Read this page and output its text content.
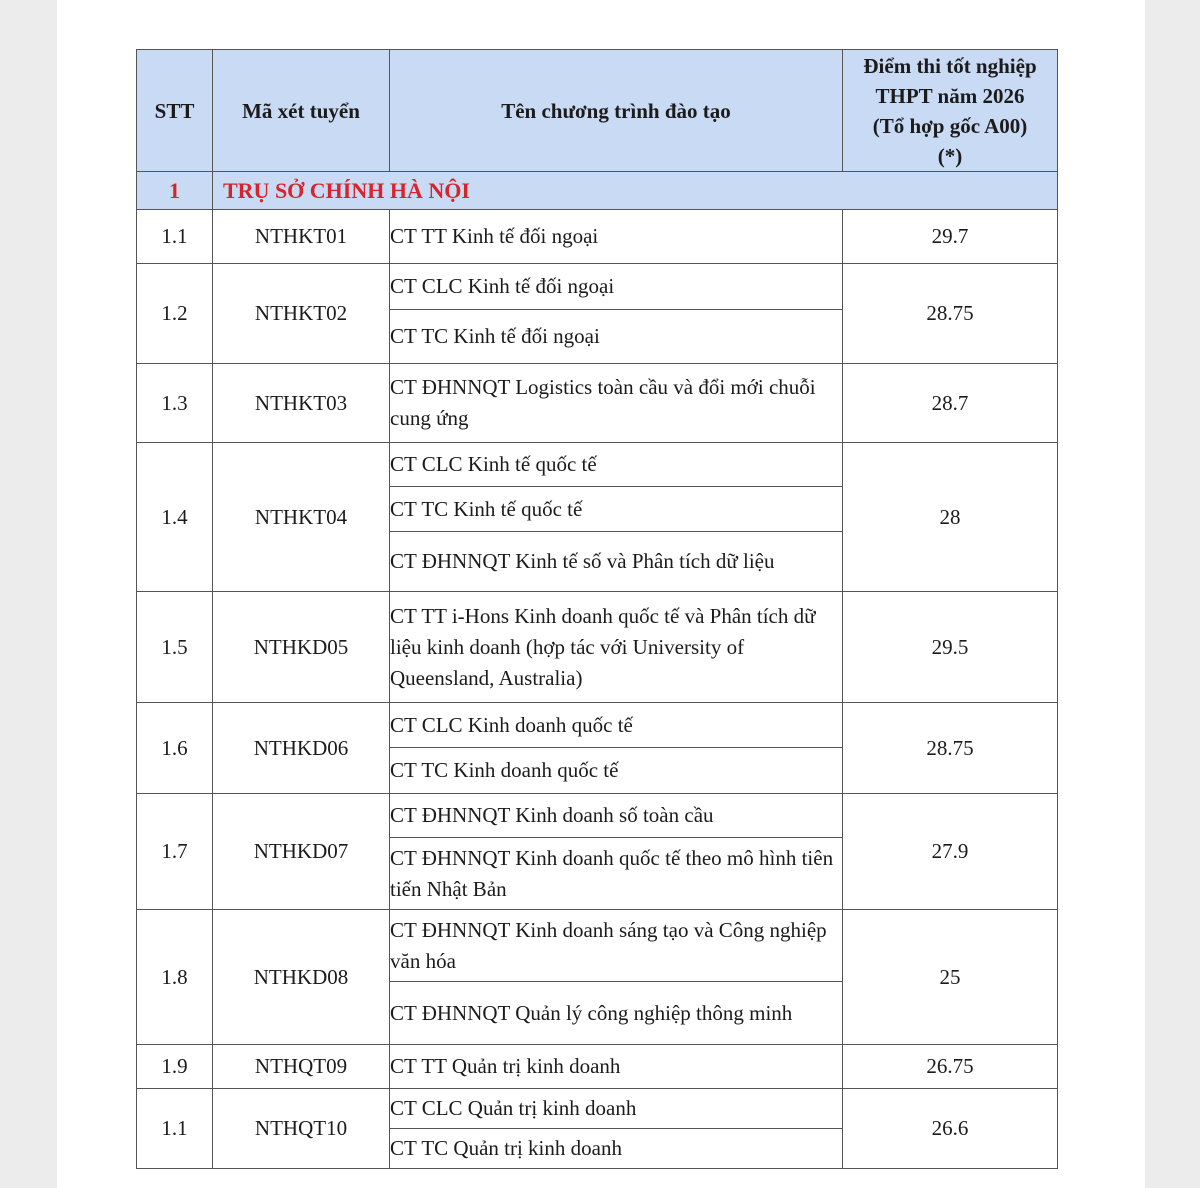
STT	Mã xét tuyển	Tên chương trình đào tạo	Điểm thi tốt nghiệp
THPT năm 2026
(Tổ hợp gốc A00)
(*)
1	TRỤ SỞ CHÍNH HÀ NỘI		
1.1	NTHKT01	CT TT Kinh tế đối ngoại	29.7
1.2	NTHKT02	CT CLC Kinh tế đối ngoại	28.75
		CT TC Kinh tế đối ngoại	
1.3	NTHKT03	CT ĐHNNQT Logistics toàn cầu và đổi mới chuỗi cung ứng	28.7
1.4	NTHKT04	CT CLC Kinh tế quốc tế	28
		CT TC Kinh tế quốc tế	
		CT ĐHNNQT Kinh tế số và Phân tích dữ liệu	
1.5	NTHKD05	CT TT i-Hons Kinh doanh quốc tế và Phân tích dữ liệu kinh doanh (hợp tác với University of Queensland, Australia)	29.5
1.6	NTHKD06	CT CLC Kinh doanh quốc tế	28.75
		CT TC Kinh doanh quốc tế	
1.7	NTHKD07	CT ĐHNNQT Kinh doanh số toàn cầu	27.9
		CT ĐHNNQT Kinh doanh quốc tế theo mô hình tiên tiến Nhật Bản	
1.8	NTHKD08	CT ĐHNNQT Kinh doanh sáng tạo và Công nghiệp văn hóa	25
		CT ĐHNNQT Quản lý công nghiệp thông minh	
1.9	NTHQT09	CT TT Quản trị kinh doanh	26.75
1.1	NTHQT10	CT CLC Quản trị kinh doanh	26.6
		CT TC Quản trị kinh doanh	
